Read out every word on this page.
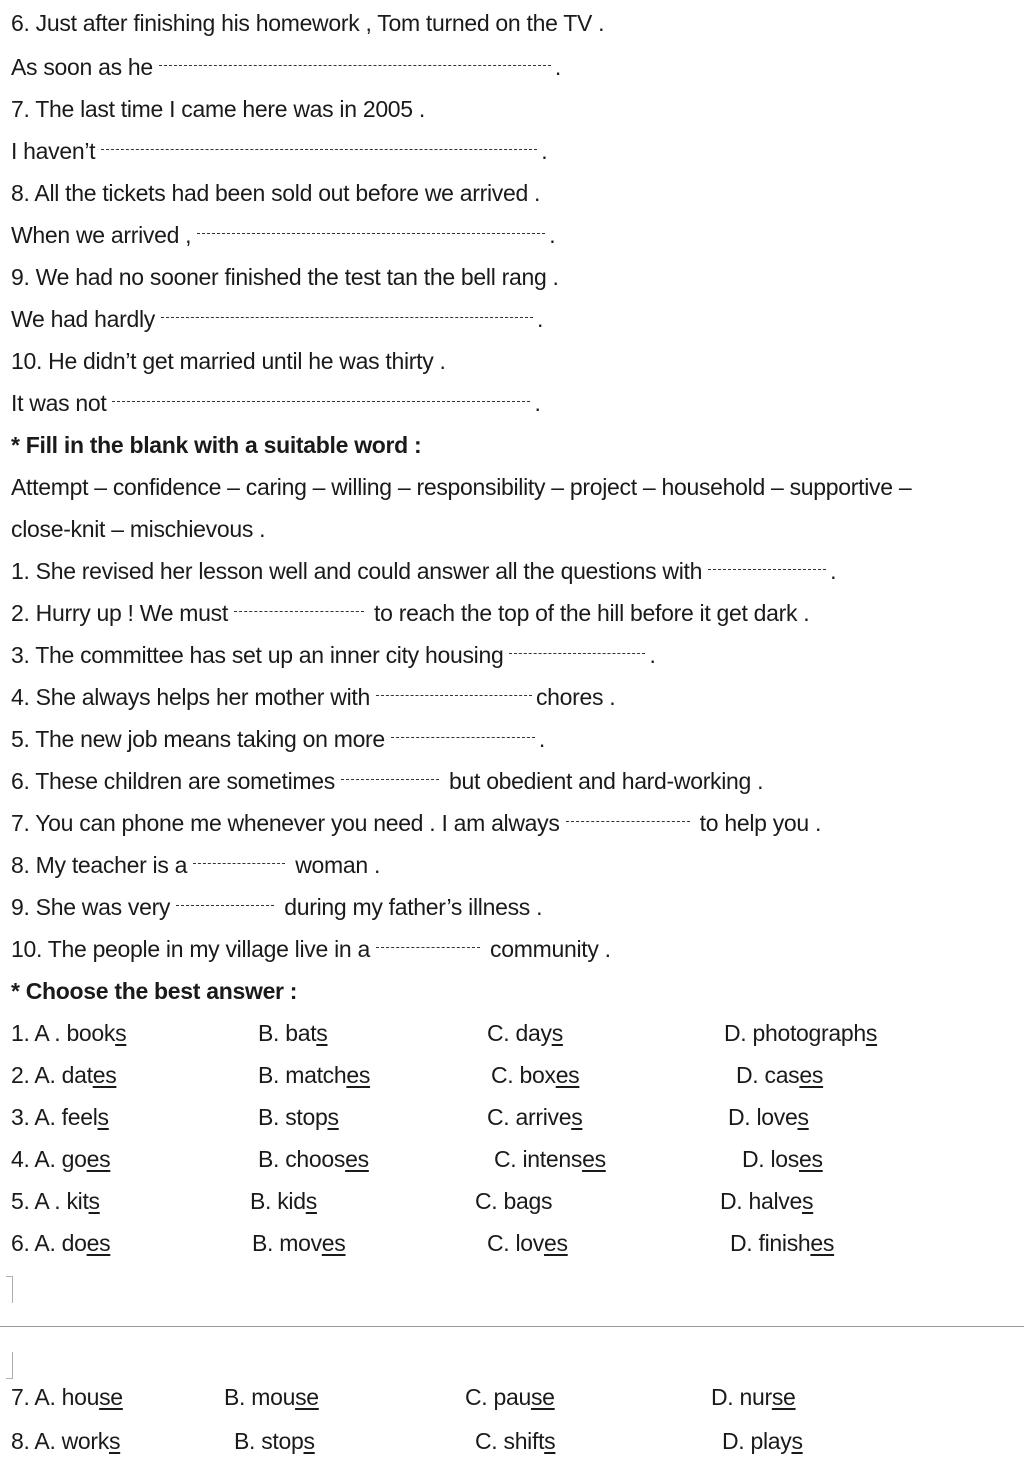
6. Just after finishing his homework , Tom turned on the TV .
As soon as he	.
7. The last time I came here was in 2005 .
I haven’t	.
8. All the tickets had been sold out before we arrived .
When we arrived ,	.
9. We had no sooner finished the test tan the bell rang .
We had hardly	.
10. He didn’t get married until he was thirty .
It was not	.
* Fill in the blank with a suitable word :
Attempt – confidence – caring – willing – responsibility – project – household – supportive –
close-knit – mischievous .
1. She revised her lesson well and could answer all the questions with	.
2. Hurry up ! We must	to reach the top of the hill before it get dark .
3. The committee has set up an inner city housing	.
4. She always helps her mother with	chores .
5. The new job means taking on more	.
6. These children are sometimes	but obedient and hard-working .
7. You can phone me whenever you need . I am always	to help you .
8. My teacher is a	woman .
9. She was very	during my father’s illness .
10. The people in my village live in a	community .
* Choose the best answer :
1. A . books	B. bats	C. days	D. photographs
2. A. dates	B. matches	C. boxes	D. cases
3. A. feels	B. stops	C. arrives	D. loves
4. A. goes	B. chooses	C. intenses	D. loses
5. A . kits	B. kids	C. bags	D. halves
6. A. does	B. moves	C. loves	D. finishes
7. A. house	B. mouse	C. pause	D. nurse
8. A. works	B. stops	C. shifts	D. plays
